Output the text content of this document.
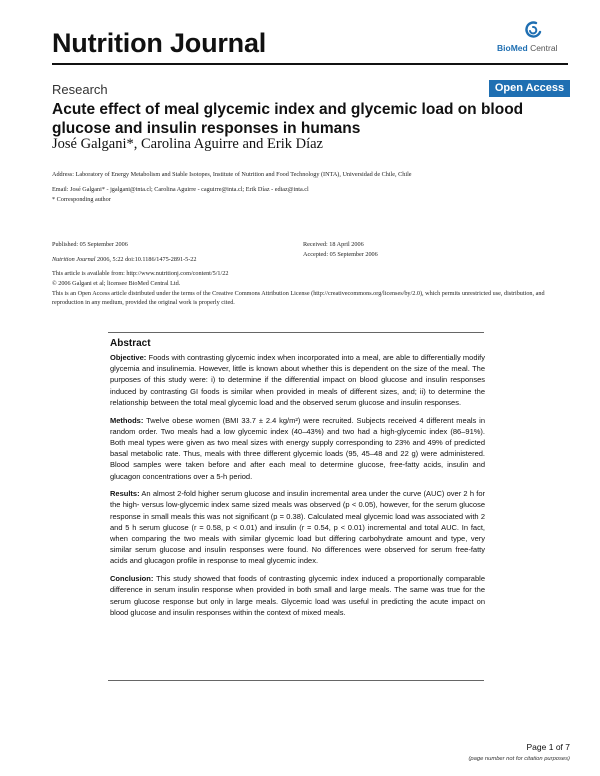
Nutrition Journal	BioMed Central
Research	Open Access
Acute effect of meal glycemic index and glycemic load on blood glucose and insulin responses in humans
José Galgani*, Carolina Aguirre and Erik Díaz
Address: Laboratory of Energy Metabolism and Stable Isotopes, Institute of Nutrition and Food Technology (INTA), Universidad de Chile, Chile
Email: José Galgani* - jgalgani@inta.cl; Carolina Aguirre - caguirre@inta.cl; Erik Díaz - ediaz@inta.cl
* Corresponding author
Published: 05 September 2006
Nutrition Journal 2006, 5:22 doi:10.1186/1475-2891-5-22
This article is available from: http://www.nutritionj.com/content/5/1/22
Received: 18 April 2006
Accepted: 05 September 2006
© 2006 Galgani et al; licensee BioMed Central Ltd.
This is an Open Access article distributed under the terms of the Creative Commons Attribution License (http://creativecommons.org/licenses/by/2.0), which permits unrestricted use, distribution, and reproduction in any medium, provided the original work is properly cited.
Abstract

Objective: Foods with contrasting glycemic index when incorporated into a meal, are able to differentially modify glycemia and insulinemia. However, little is known about whether this is dependent on the size of the meal. The purposes of this study were: i) to determine if the differential impact on blood glucose and insulin responses induced by contrasting GI foods is similar when provided in meals of different sizes, and; ii) to determine the relationship between the total meal glycemic load and the observed serum glucose and insulin responses.

Methods: Twelve obese women (BMI 33.7 ± 2.4 kg/m²) were recruited. Subjects received 4 different meals in random order. Two meals had a low glycemic index (40–43%) and two had a high-glycemic index (86–91%). Both meal types were given as two meal sizes with energy supply corresponding to 23% and 49% of predicted basal metabolic rate. Thus, meals with three different glycemic loads (95, 45–48 and 22 g) were administered. Blood samples were taken before and after each meal to determine glucose, free-fatty acids, insulin and glucagon concentrations over a 5-h period.

Results: An almost 2-fold higher serum glucose and insulin incremental area under the curve (AUC) over 2 h for the high- versus low-glycemic index same sized meals was observed (p < 0.05), however, for the serum glucose response in small meals this was not significant (p = 0.38). Calculated meal glycemic load was associated with 2 and 5 h serum glucose (r = 0.58, p < 0.01) and insulin (r = 0.54, p < 0.01) incremental and total AUC. In fact, when comparing the two meals with similar glycemic load but differing carbohydrate amount and type, very similar serum glucose and insulin responses were found. No differences were observed for serum free-fatty acids and glucagon profile in response to meal glycemic index.

Conclusion: This study showed that foods of contrasting glycemic index induced a proportionally comparable difference in serum insulin response when provided in both small and large meals. The same was true for the serum glucose response but only in large meals. Glycemic load was useful in predicting the acute impact on blood glucose and insulin responses within the context of mixed meals.

Page 1 of 7
(page number not for citation purposes)
